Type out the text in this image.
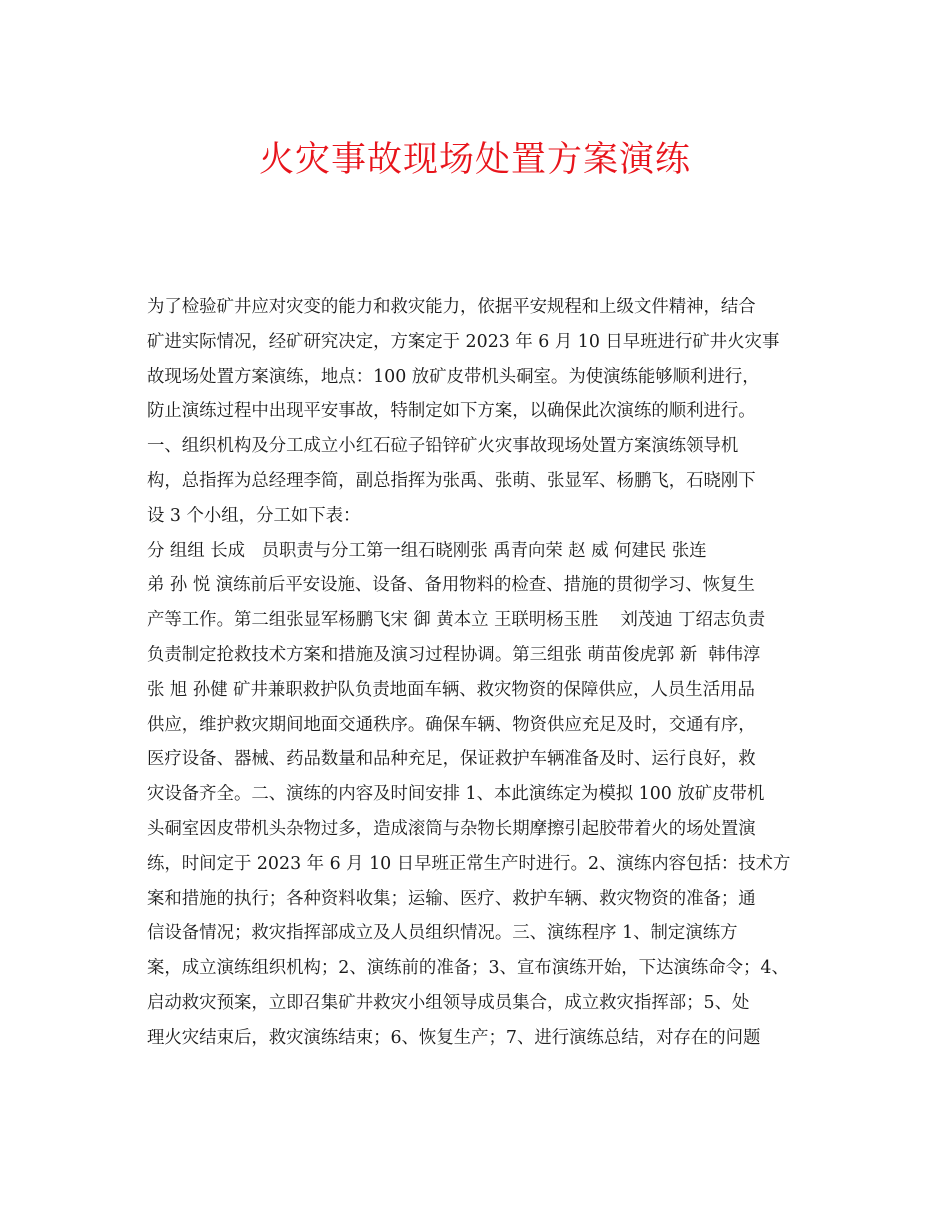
火灾事故现场处置方案演练
为了检验矿井应对灾变的能力和救灾能力，依据平安规程和上级文件精神，结合
矿进实际情况，经矿研究决定，方案定于 2023 年 6 月 10 日早班进行矿井火灾事
故现场处置方案演练，地点：100 放矿皮带机头硐室。为使演练能够顺利进行，
防止演练过程中出现平安事故，特制定如下方案，以确保此次演练的顺利进行。
一、组织机构及分工成立小红石砬子铅锌矿火灾事故现场处置方案演练领导机
构，总指挥为总经理李简，副总指挥为张禹、张萌、张显军、杨鹏飞，石晓刚下
设 3 个小组，分工如下表：
分 组组 长成   员职责与分工第一组石晓刚张 禹青向荣 赵 威 何建民 张连
弟 孙 悦 演练前后平安设施、设备、备用物料的检查、措施的贯彻学习、恢复生
产等工作。第二组张显军杨鹏飞宋 御 黄本立 王联明杨玉胜    刘茂迪 丁绍志负责
负责制定抢救技术方案和措施及演习过程协调。第三组张 萌苗俊虎郭 新  韩伟淳
张 旭 孙健 矿井兼职救护队负责地面车辆、救灾物资的保障供应，人员生活用品
供应，维护救灾期间地面交通秩序。确保车辆、物资供应充足及时，交通有序，
医疗设备、器械、药品数量和品种充足，保证救护车辆准备及时、运行良好，救
灾设备齐全。二、演练的内容及时间安排 1、本此演练定为模拟 100 放矿皮带机
头硐室因皮带机头杂物过多，造成滚筒与杂物长期摩擦引起胶带着火的场处置演
练，时间定于 2023 年 6 月 10 日早班正常生产时进行。2、演练内容包括：技术方
案和措施的执行；各种资料收集；运输、医疗、救护车辆、救灾物资的准备；通
信设备情况；救灾指挥部成立及人员组织情况。三、演练程序 1、制定演练方
案，成立演练组织机构；2、演练前的准备；3、宣布演练开始，下达演练命令；4、
启动救灾预案，立即召集矿井救灾小组领导成员集合，成立救灾指挥部；5、处
理火灾结束后，救灾演练结束；6、恢复生产；7、进行演练总结，对存在的问题
